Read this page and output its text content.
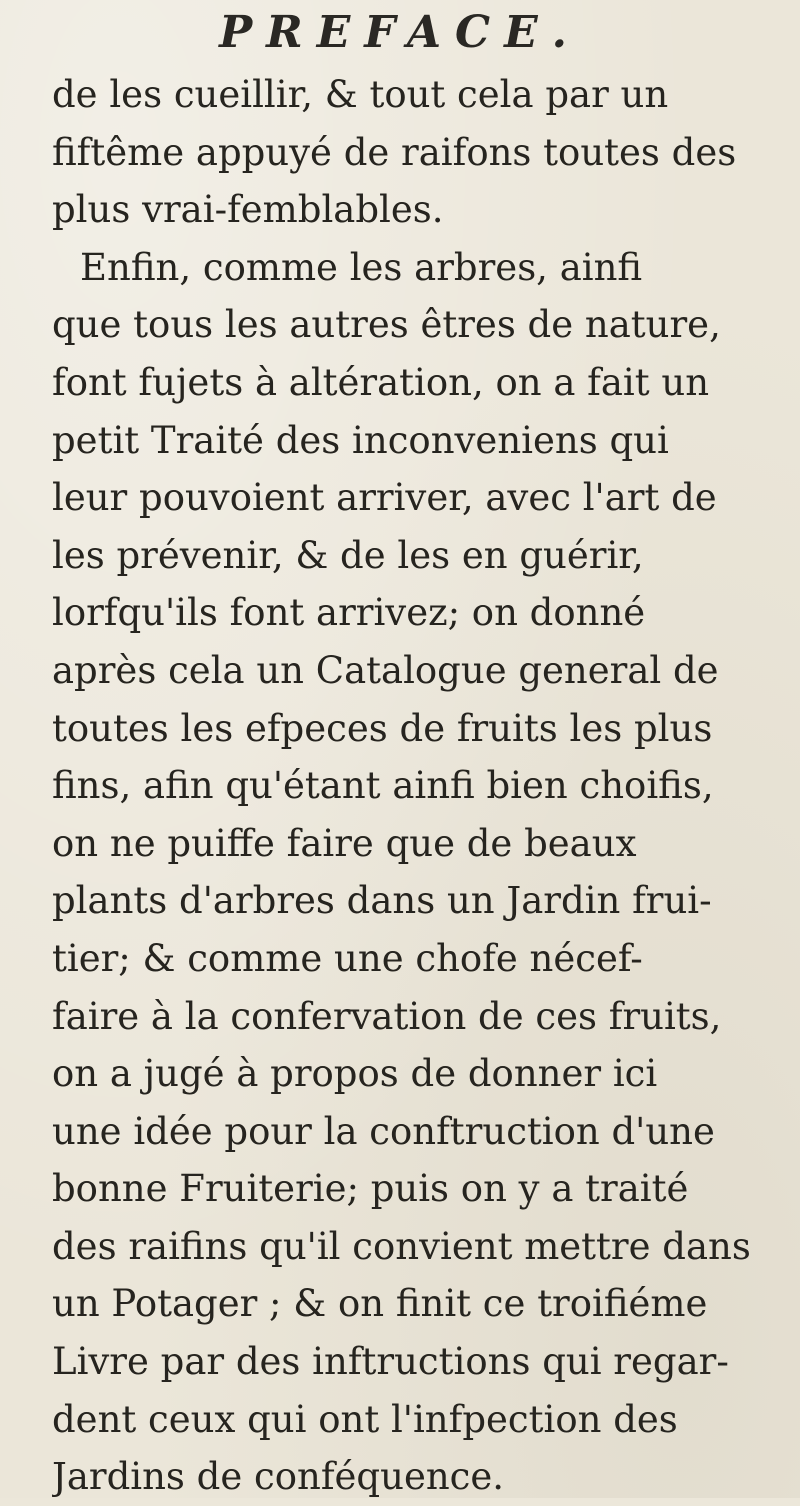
PREFACE.
de les cueillir, & tout cela par un
fiftême appuyé de raifons toutes des
plus vrai-femblables.
Enfin, comme les arbres, ainfi
que tous les autres êtres de nature,
font fujets à altération, on a fait un
petit Traité des inconveniens qui
leur pouvoient arriver, avec l'art de
les prévenir, & de les en guérir,
lorfqu'ils font arrivez; on donné
après cela un Catalogue general de
toutes les efpeces de fruits les plus
fins, afin qu'étant ainfi bien choifis,
on ne puiffe faire que de beaux
plants d'arbres dans un Jardin frui-
tier; & comme une chofe nécef-
faire à la confervation de ces fruits,
on a jugé à propos de donner ici
une idée pour la conftruction d'une
bonne Fruiterie; puis on y a traité
des raifins qu'il convient mettre dans
un Potager ; & on finit ce troifiéme
Livre par des inftructions qui regar-
dent ceux qui ont l'infpection des
Jardins de conféquence.
